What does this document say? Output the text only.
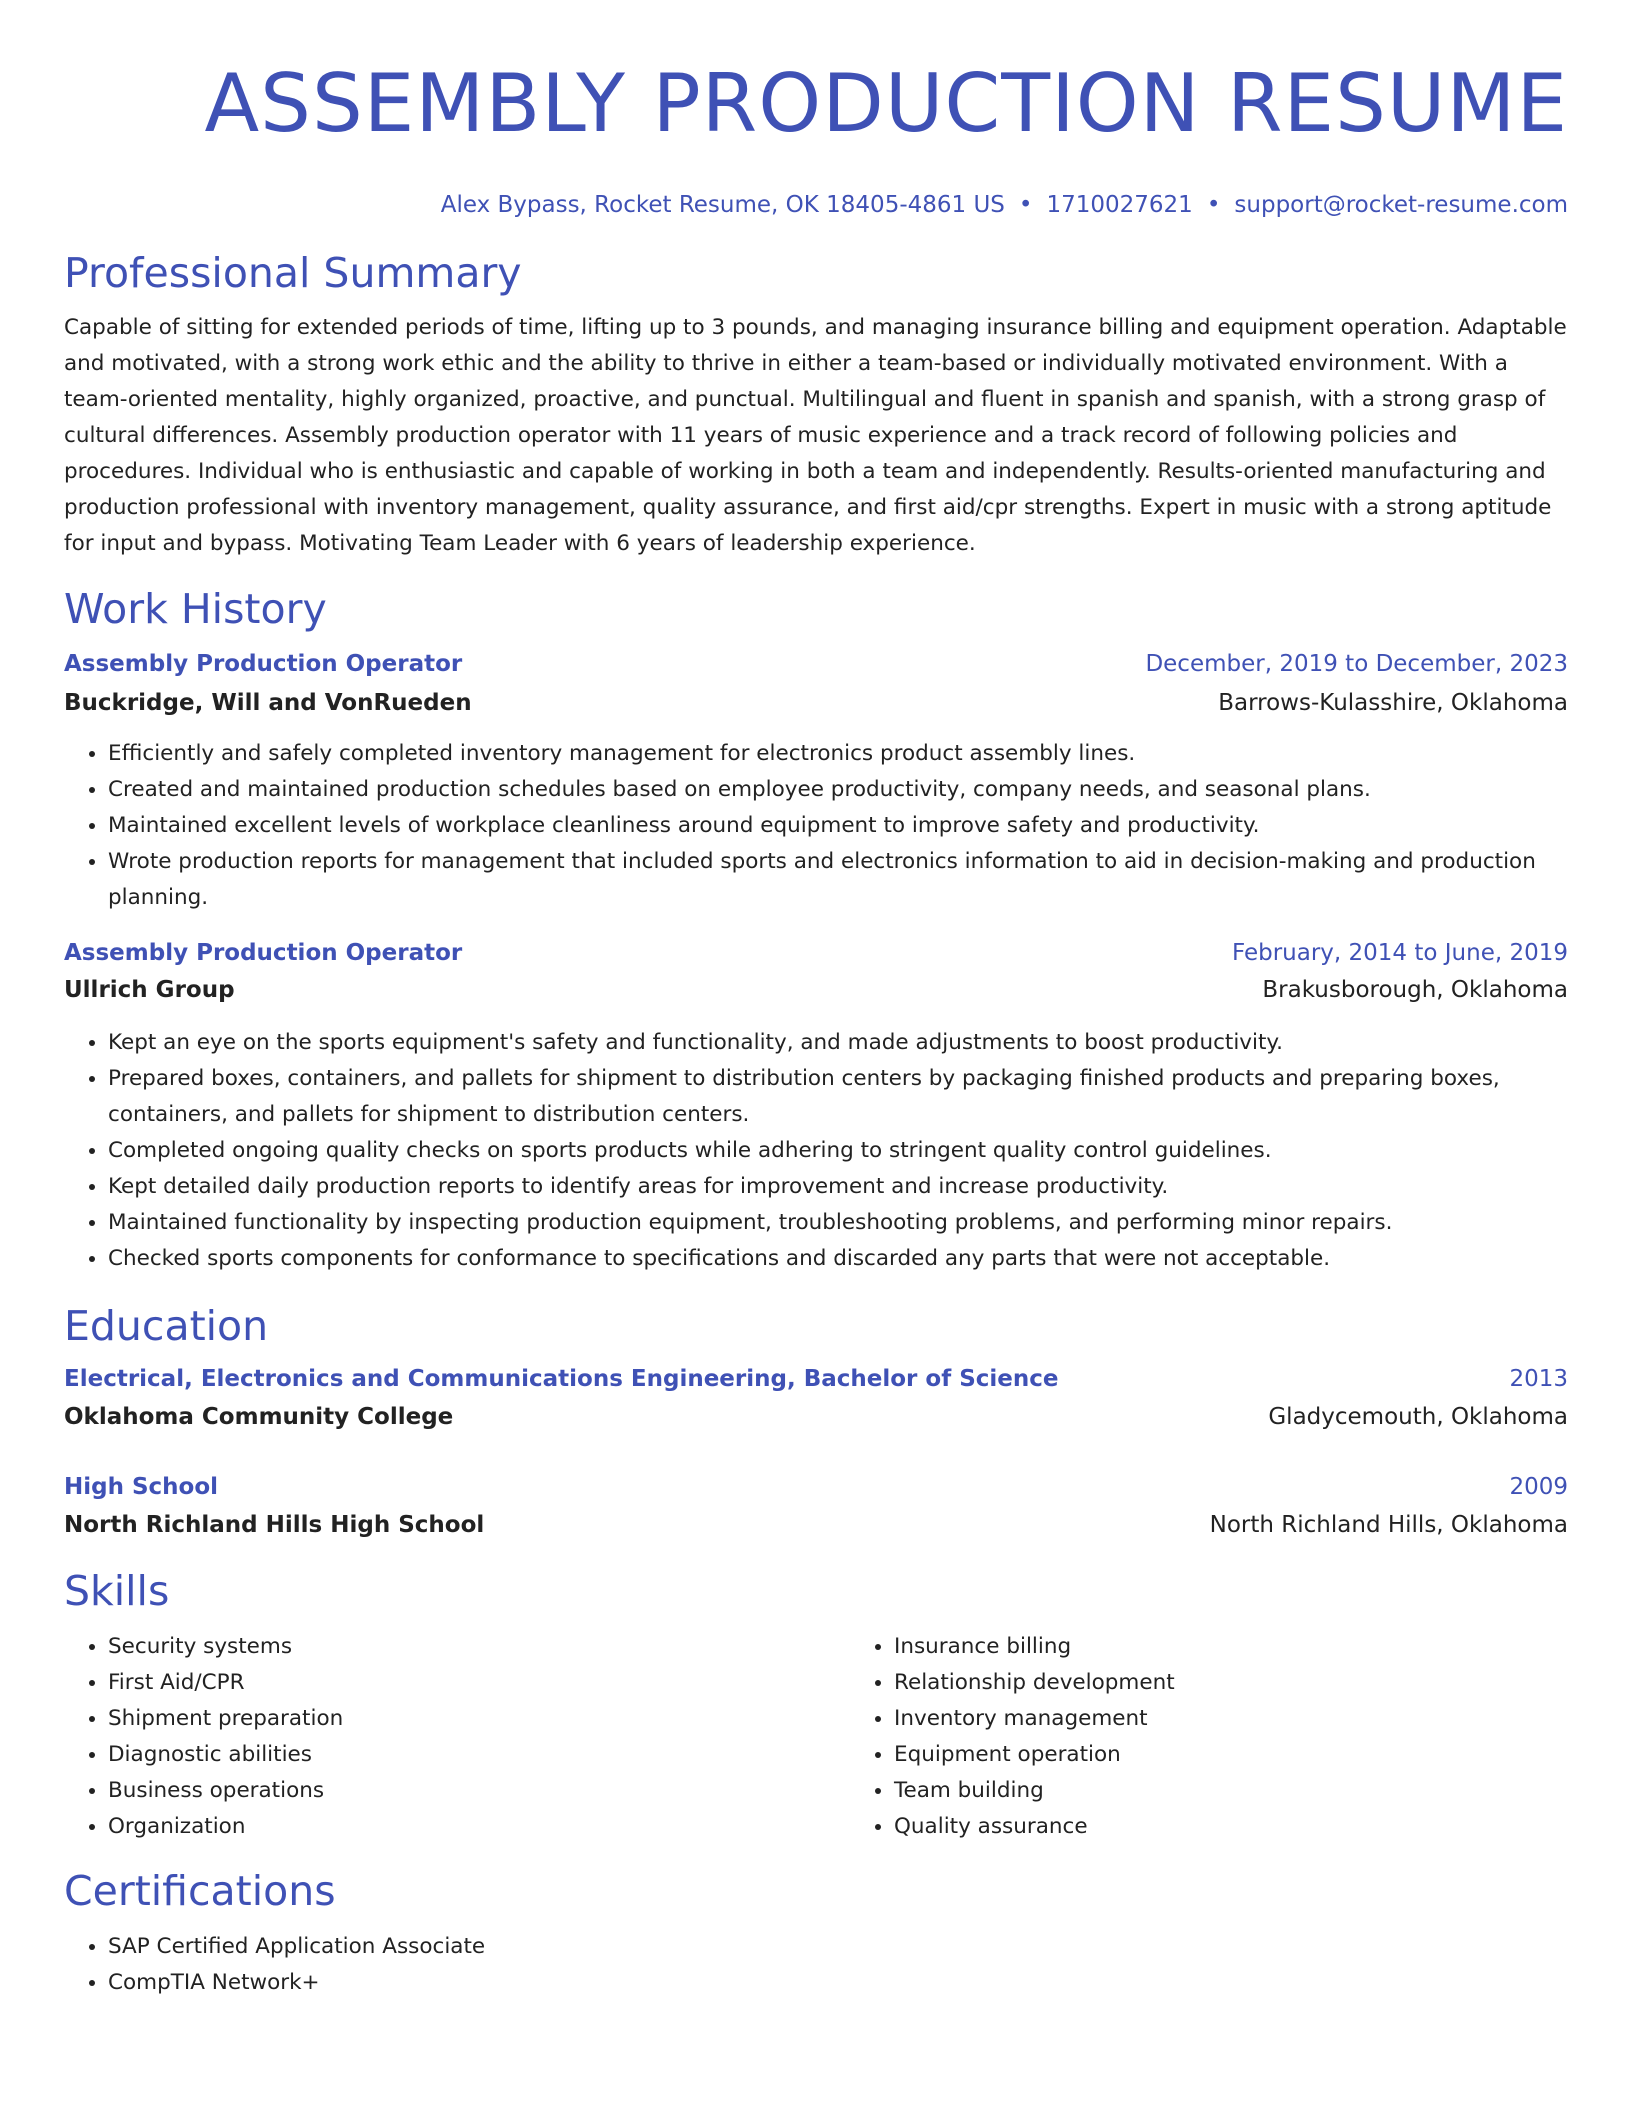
ASSEMBLY PRODUCTION RESUME
Alex Bypass, Rocket Resume, OK 18405-4861 US • 1710027621 • support@rocket-resume.com
Professional Summary

Capable of sitting for extended periods of time, lifting up to 3 pounds, and managing insurance billing and equipment operation. Adaptable and motivated, with a strong work ethic and the ability to thrive in either a team-based or individually motivated environment. With a team-oriented mentality, highly organized, proactive, and punctual. Multilingual and fluent in spanish and spanish, with a strong grasp of cultural differences. Assembly production operator with 11 years of music experience and a track record of following policies and procedures. Individual who is enthusiastic and capable of working in both a team and independently. Results-oriented manufacturing and production professional with inventory management, quality assurance, and first aid/cpr strengths. Expert in music with a strong aptitude for input and bypass. Motivating Team Leader with 6 years of leadership experience.

Work History
Assembly Production Operator	December, 2019 to December, 2023
Buckridge, Will and VonRueden	Barrows-Kulasshire, Oklahoma
• Efficiently and safely completed inventory management for electronics product assembly lines.
• Created and maintained production schedules based on employee productivity, company needs, and seasonal plans.
• Maintained excellent levels of workplace cleanliness around equipment to improve safety and productivity.
• Wrote production reports for management that included sports and electronics information to aid in decision-making and production planning.
Assembly Production Operator	February, 2014 to June, 2019
Ullrich Group	Brakusborough, Oklahoma
• Kept an eye on the sports equipment's safety and functionality, and made adjustments to boost productivity.
• Prepared boxes, containers, and pallets for shipment to distribution centers by packaging finished products and preparing boxes, containers, and pallets for shipment to distribution centers.
• Completed ongoing quality checks on sports products while adhering to stringent quality control guidelines.
• Kept detailed daily production reports to identify areas for improvement and increase productivity.
• Maintained functionality by inspecting production equipment, troubleshooting problems, and performing minor repairs.
• Checked sports components for conformance to specifications and discarded any parts that were not acceptable.
Education
Electrical, Electronics and Communications Engineering, Bachelor of Science	2013
Oklahoma Community College	Gladycemouth, Oklahoma
High School	2009
North Richland Hills High School	North Richland Hills, Oklahoma
Skills
• Security systems
• First Aid/CPR
• Shipment preparation
• Diagnostic abilities
• Business operations
• Organization
• Insurance billing
• Relationship development
• Inventory management
• Equipment operation
• Team building
• Quality assurance
Certifications
• SAP Certified Application Associate
• CompTIA Network+
